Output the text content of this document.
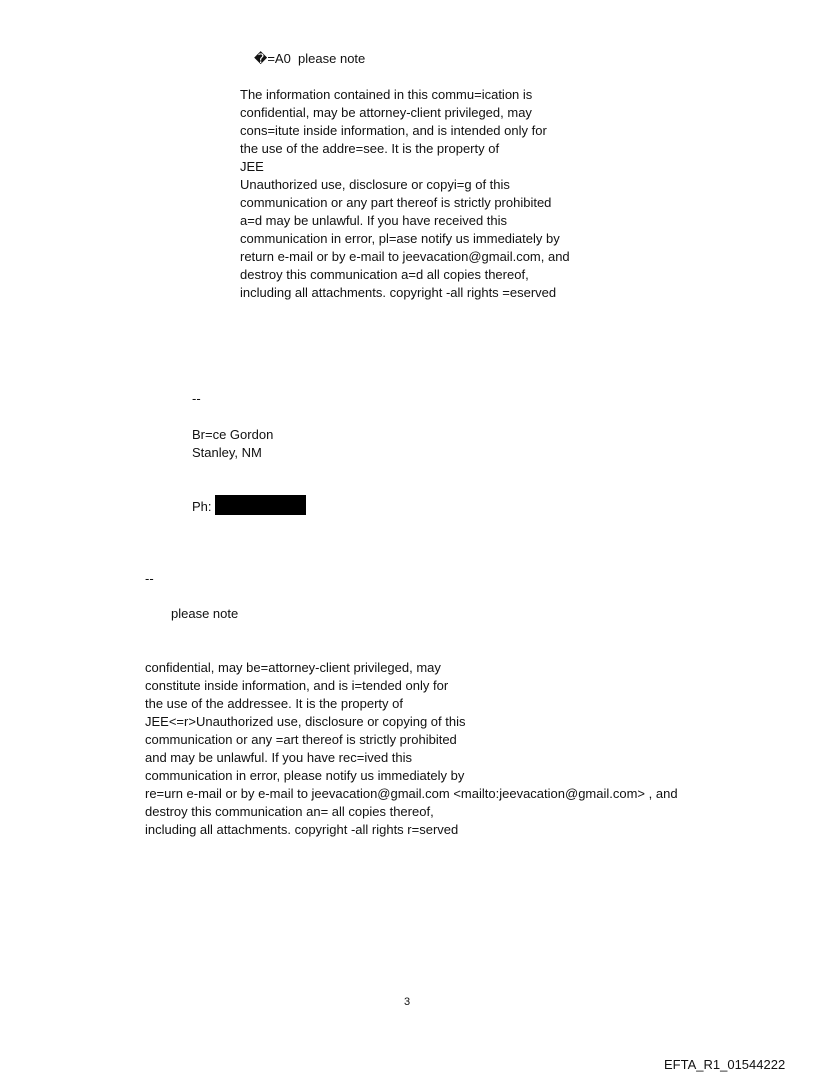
�=A0  please note
The information contained in this commu=ication is
confidential, may be attorney-client privileged, may
cons=itute inside information, and is intended only for
the use of the addre=see. It is the property of
JEE
Unauthorized use, disclosure or copyi=g of this
communication or any part thereof is strictly prohibited
a=d may be unlawful. If you have received this
communication in error, pl=ase notify us immediately by
return e-mail or by e-mail to jeevacation@gmail.com, and
destroy this communication a=d all copies thereof,
including all attachments. copyright -all rights =eserved
--
Br=ce Gordon
Stanley, NM
Ph:
--
please note
confidential, may be=attorney-client privileged, may
constitute inside information, and is i=tended only for
the use of the addressee. It is the property of
JEE<=r>Unauthorized use, disclosure or copying of this
communication or any =art thereof is strictly prohibited
and may be unlawful. If you have rec=ived this
communication in error, please notify us immediately by
re=urn e-mail or by e-mail to jeevacation@gmail.com <mailto:jeevacation@gmail.com> , and
destroy this communication an= all copies thereof,
including all attachments. copyright -all rights r=served
3
EFTA_R1_01544222
